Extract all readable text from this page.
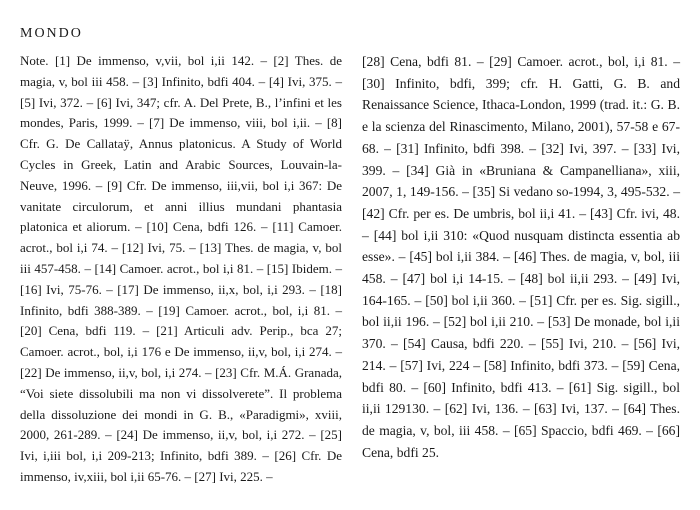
MONDO

Note. [1] De immenso, v,vii, bol i,ii 142. – [2] Thes. de magia, v, bol iii 458. – [3] Infinito, bdfi 404. – [4] Ivi, 375. – [5] Ivi, 372. – [6] Ivi, 347; cfr. A. Del Prete, B., l’infini et les mondes, Paris, 1999. – [7] De immenso, viii, bol i,ii. – [8] Cfr. G. De Callataÿ, Annus platonicus. A Study of World Cycles in Greek, Latin and Arabic Sources, Louvain-la-Neuve, 1996. – [9] Cfr. De immenso, iii,vii, bol i,i 367: De vanitate circulorum, et anni illius mundani phantasia platonica et aliorum. – [10] Cena, bdfi 126. – [11] Camoer. acrot., bol i,i 74. – [12] Ivi, 75. – [13] Thes. de magia, v, bol iii 457-458. – [14] Camoer. acrot., bol i,i 81. – [15] Ibidem. – [16] Ivi, 75-76. – [17] De immenso, ii,x, bol, i,i 293. – [18] Infinito, bdfi 388-389. – [19] Camoer. acrot., bol, i,i 81. – [20] Cena, bdfi 119. – [21] Articuli adv. Perip., bca 27; Camoer. acrot., bol, i,i 176 e De immenso, ii,v, bol, i,i 274. – [22] De immenso, ii,v, bol, i,i 274. – [23] Cfr. M.Á. Granada, “Voi siete dissolubili ma non vi dissolverete”. Il problema della dissoluzione dei mondi in G. B., «Paradigmi», xviii, 2000, 261-289. – [24] De immenso, ii,v, bol, i,i 272. – [25] Ivi, i,iii bol, i,i 209-213; Infinito, bdfi 389. – [26] Cfr. De immenso, iv,xiii, bol i,ii 65-76. – [27] Ivi, 225. –

[28] Cena, bdfi 81. – [29] Camoer. acrot., bol, i,i 81. – [30] Infinito, bdfi, 399; cfr. H. Gatti, G. B. and Renaissance Science, Ithaca-London, 1999 (trad. it.: G. B. e la scienza del Rinascimento, Milano, 2001), 57-58 e 67-68. – [31] Infinito, bdfi 398. – [32] Ivi, 397. – [33] Ivi, 399. – [34] Già in «Bruniana & Campanelliana», xiii, 2007, 1, 149-156. – [35] Si vedano so-1994, 3, 495-532. – [42] Cfr. per es. De umbris, bol ii,i 41. – [43] Cfr. ivi, 48. – [44] bol i,ii 310: «Quod nusquam distincta essentia ab esse». – [45] bol i,ii 384. – [46] Thes. de magia, v, bol, iii 458. – [47] bol i,i 14-15. – [48] bol ii,ii 293. – [49] Ivi, 164-165. – [50] bol i,ii 360. – [51] Cfr. per es. Sig. sigill., bol ii,ii 196. – [52] bol i,ii 210. – [53] De monade, bol i,ii 370. – [54] Causa, bdfi 220. – [55] Ivi, 210. – [56] Ivi, 214. – [57] Ivi, 224 – [58] Infinito, bdfi 373. – [59] Cena, bdfi 80. – [60] Infinito, bdfi 413. – [61] Sig. sigill., bol ii,ii 129130. – [62] Ivi, 136. – [63] Ivi, 137. – [64] Thes. de magia, v, bol, iii 458. – [65] Spaccio, bdfi 469. – [66] Cena, bdfi 25.
